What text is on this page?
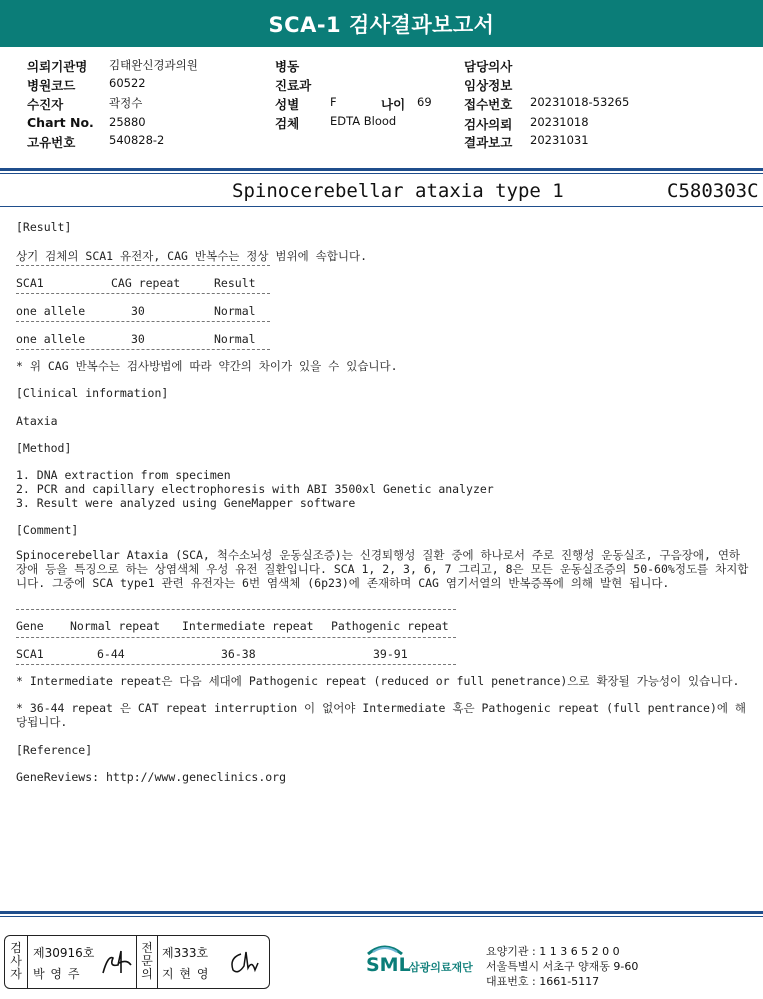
SCA-1 검사결과보고서
의뢰기관명 김태완신경과의원
병원코드	60522
수진자	곽정수
Chart No. 25880
고유번호	540828-2
병동
진료과
성별	F	나이 69
검체	EDTA Blood
담당의사
임상정보
접수번호 20231018-53265
검사의뢰 20231018
결과보고 20231031
Spinocerebellar ataxia type 1	C580303C
[Result]
상기 검체의 SCA1 유전자, CAG 반복수는 정상 범위에 속합니다.
SCA1	CAG repeat	Result
one allele	30	Normal
one allele	30	Normal
* 위 CAG 반복수는 검사방법에 따라 약간의 차이가 있을 수 있습니다.
[Clinical information]
Ataxia
[Method]
1. DNA extraction from specimen
2. PCR and capillary electrophoresis with ABI 3500xl Genetic analyzer
3. Result were analyzed using GeneMapper software
[Comment]
Spinocerebellar Ataxia (SCA, 척수소뇌성 운동실조증)는 신경퇴행성 질환 중에 하나로서 주로 진행성 운동실조, 구음장애, 연하장애 등을 특징으로 하는 상염색체 우성 유전 질환입니다. SCA 1, 2, 3, 6, 7 그리고, 8은 모든 운동실조증의 50-60%정도를 차지합니다. 그중에 SCA type1 관련 유전자는 6번 염색체 (6p23)에 존재하며 CAG 염기서열의 반복증폭에 의해 발현 됩니다.
Gene Normal repeat Intermediate repeat Pathogenic repeat
SCA1	6-44	36-38	39-91
* Intermediate repeat은 다음 세대에 Pathogenic repeat (reduced or full penetrance)으로 확장될 가능성이 있습니다.
* 36-44 repeat 은 CAT repeat interruption 이 없어야 Intermediate 혹은 Pathogenic repeat (full pentrance)에 해당됩니다.
[Reference]
GeneReviews: http://www.geneclinics.org
검
사
자
제30916호
박 영 주
전
문
의
제333호
지 현 영	SML
삼광의료재단
요양기관 : 1 1 3 6 5 2 0 0
서울특별시 서초구 양재동 9-60
대표번호 : 1661-5117
